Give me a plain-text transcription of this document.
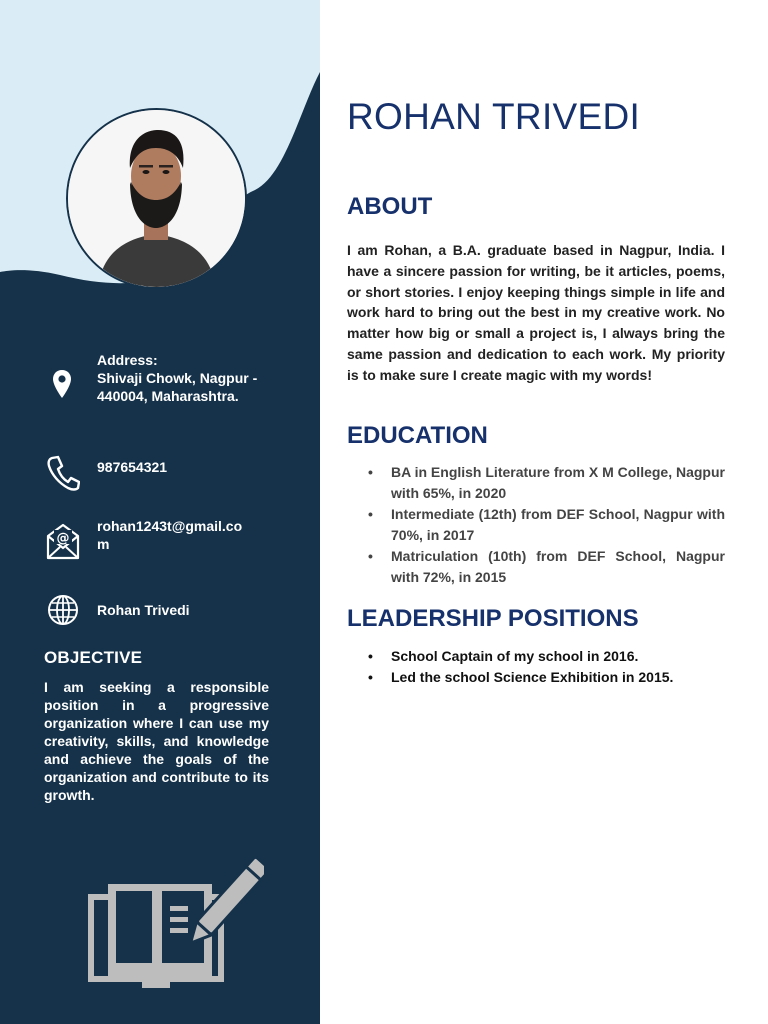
Address:
Shivaji Chowk, Nagpur -
440004, Maharashtra.
987654321
@
rohan1243t@gmail.co
m
Rohan Trivedi
OBJECTIVE
I am seeking a responsible position in a progressive organization where I can use my creativity, skills, and knowledge and achieve the goals of the organization and contribute to its growth.
ROHAN TRIVEDI
ABOUT
I am Rohan, a B.A. graduate based in Nagpur, India. I have a sincere passion for writing, be it articles, poems, or short stories. I enjoy keeping things simple in life and work hard to bring out the best in my creative work. No matter how big or small a project is, I always bring the same passion and dedication to each work. My priority is to make sure I create magic with my words!
EDUCATION
• BA in English Literature from X M College, Nagpur with 65%, in 2020
• Intermediate (12th) from DEF School, Nagpur with 70%, in 2017
• Matriculation (10th) from DEF School, Nagpur with 72%, in 2015
LEADERSHIP POSITIONS
• School Captain of my school in 2016.
• Led the school Science Exhibition in 2015.
